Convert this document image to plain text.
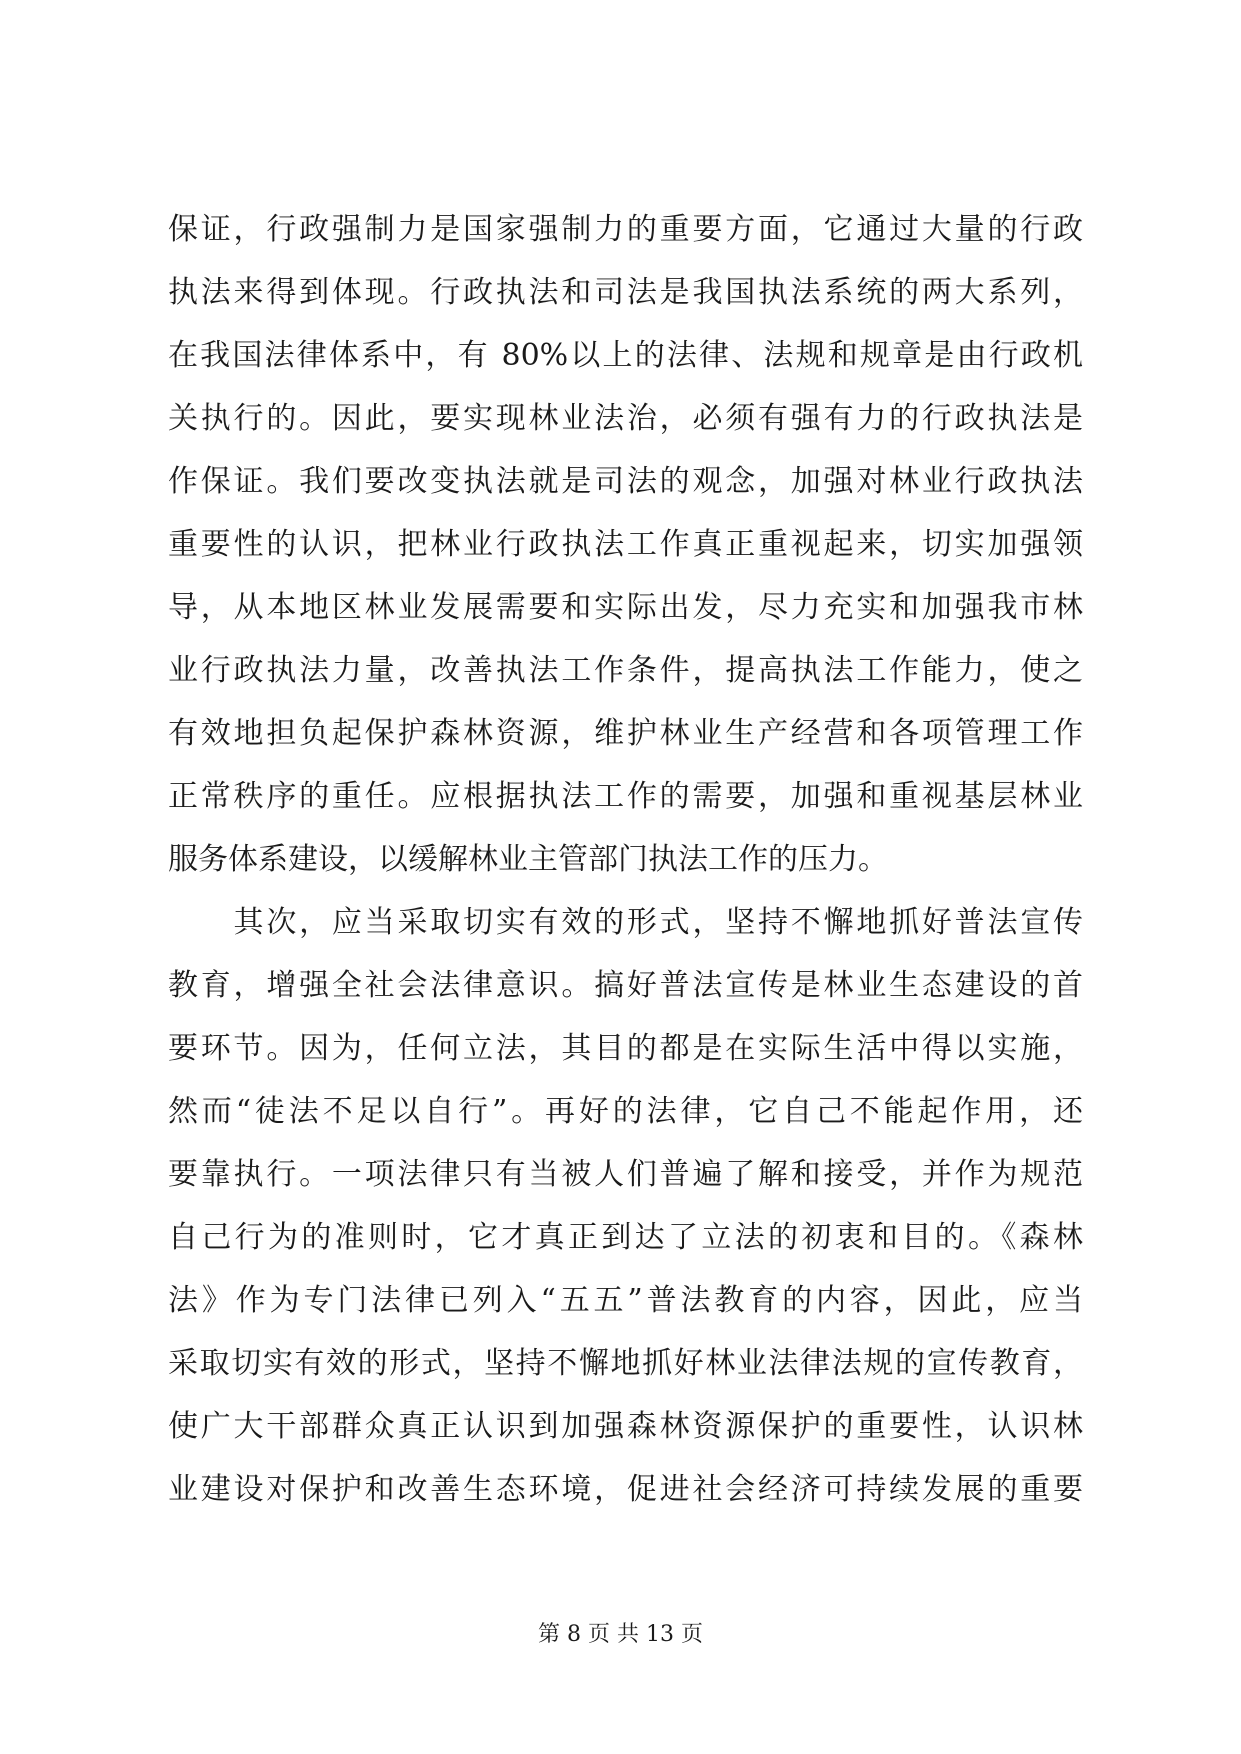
保证，行政强制力是国家强制力的重要方面，它通过大量的行政
执法来得到体现。行政执法和司法是我国执法系统的两大系列，
在我国法律体系中，有 80%以上的法律、法规和规章是由行政机
关执行的。因此，要实现林业法治，必须有强有力的行政执法是
作保证。我们要改变执法就是司法的观念，加强对林业行政执法
重要性的认识，把林业行政执法工作真正重视起来，切实加强领
导，从本地区林业发展需要和实际出发，尽力充实和加强我市林
业行政执法力量，改善执法工作条件，提高执法工作能力，使之
有效地担负起保护森林资源，维护林业生产经营和各项管理工作
正常秩序的重任。应根据执法工作的需要，加强和重视基层林业
服务体系建设，以缓解林业主管部门执法工作的压力。
　　其次，应当采取切实有效的形式，坚持不懈地抓好普法宣传
教育，增强全社会法律意识。搞好普法宣传是林业生态建设的首
要环节。因为，任何立法，其目的都是在实际生活中得以实施，
然而“徒法不足以自行”。再好的法律，它自己不能起作用，还
要靠执行。一项法律只有当被人们普遍了解和接受，并作为规范
自己行为的准则时，它才真正到达了立法的初衷和目的。《森林
法》作为专门法律已列入“五五”普法教育的内容，因此，应当
采取切实有效的形式，坚持不懈地抓好林业法律法规的宣传教育，
使广大干部群众真正认识到加强森林资源保护的重要性，认识林
业建设对保护和改善生态环境，促进社会经济可持续发展的重要
第 8 页 共 13 页
